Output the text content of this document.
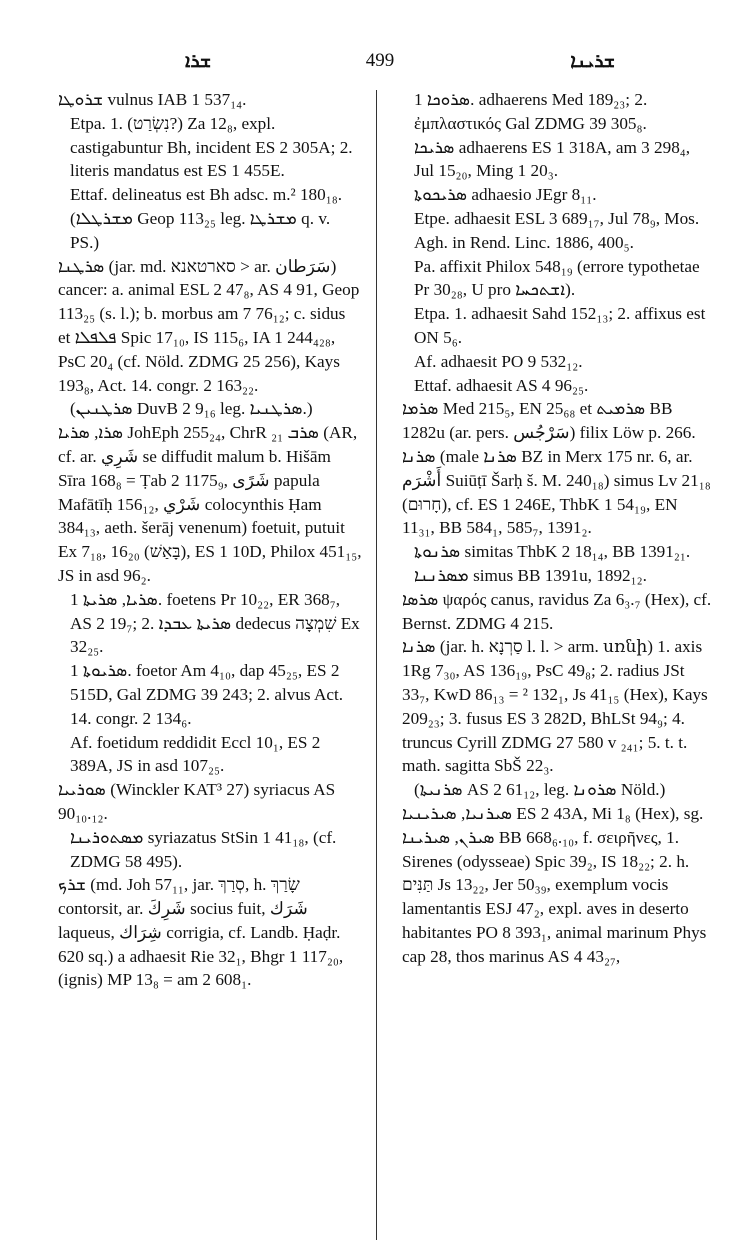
ܫܪܐ	499	ܫܪܝܢܐ

ܫܪܘܛܐ vulnus IAB 1 537₁₄.

Etpa. 1. (נִשְׂרַט?) Za 12₈, expl. castigabuntur Bh, incident ES 2 305A; 2. literis mandatus est ES 1 455E.

Ettaf. delineatus est Bh adsc. m.² 180₁₈.

(ܡܫܪܛܠܐ Geop 113₂₅ leg. ܡܫܪܛܐ q. v. PS.)

ܣܪܛܢܐ (jar. md. סארטאנא > ar. سَرَطان) cancer: a. animal ESL 2 47₈, AS 4 91, Geop 113₂₅ (s. l.); b. morbus am 7 76₁₂; c. sidus et ܦܠܦܠܐ Spic 17₁₀, IS 115₆, IA 1 244₄₂₈, PsC 20₄ (cf. Nöld. ZDMG 25 256), Kays 193₈, Act. 14. congr. 2 163₂₂.

(ܣܪܛܢܝܢ DuvB 2 9₁₆ leg. ܣܪܛܢܝܐ.)

ܣܪܐ, ܣܪܝܐ JohEph 255₂₄, ChrR ܣܪܒ ₂₁ (AR, cf. ar. شَرِي se diffudit malum b. Hišām Sīra 168₈ = Ṭab 2 1175₉, شَرًى papula Mafātīḥ 156₁₂, شَرْي colocynthis Ḥam 384₁₃, aeth. šerāj venenum) foetuit, putuit Ex 7₁₈, 16₂₀ (בָּאַשׁ), ES 1 10D, Philox 451₁₅, JS in asd 96₂.

ܣܪܝܐ, ܣܪܝܬܐ 1. foetens Pr 10₂₂, ER 368₇, AS 2 19₇; 2. ܣܪܝܬܐ ܥܒܕܐ dedecus שִׁמְצָה Ex 32₂₅.

ܣܪܝܘܬܐ 1. foetor Am 4₁₀, dap 45₂₅, ES 2 515D, Gal ZDMG 39 243; 2. alvus Act. 14. congr. 2 134₆.

Af. foetidum reddidit Eccl 10₁, ES 2 389A, JS in asd 107₂₅.

ܣܘܪܝܝܐ (Winckler KAT³ 27) syriacus AS 90₁₀.₁₂.

ܡܣܬܘܪܝܢܐ syriazatus StSin 1 41₁₈, (cf. ZDMG 58 495).

ܫܪܟ (md. Joh 57₁₁, jar. סְרַךְ, h. שָׂרַךְ contorsit, ar. شَرِكَ socius fuit, شَرَك laqueus, شِرَاك corrigia, cf. Landb. Ḥaḍr. 620 sq.) a adhaesit Rie 32₁, Bhgr 1 117₂₀, (ignis) MP 13₈ = am 2 608₁.

ܣܪܘܟܐ 1. adhaerens Med 189₂₃; 2. ἐμπλαστικός Gal ZDMG 39 305₈.

ܣܪܝܟܐ adhaerens ES 1 318A, am 3 298₄, Jul 15₂₀, Ming 1 20₃.

ܣܪܝܟܘܬܐ adhaesio JEgr 8₁₁.

Etpe. adhaesit ESL 3 689₁₇, Jul 78₉, Mos. Agh. in Rend. Linc. 1886, 400₅.

Pa. affixit Philox 548₁₉ (errore typothetae Pr 30₂₈, U pro ܐܫܬܟܚܐ).

Etpa. 1. adhaesit Sahd 152₁₃; 2. affixus est ON 5₆.

Af. adhaesit PO 9 532₁₂.

Ettaf. adhaesit AS 4 96₂₅.

ܣܪܡܐ Med 215₅, EN 25₆₈ et ܣܪܡܝܬ BB 1282u (ar. pers. سَرْجُس) filix Löw p. 266.

ܣܪܢܐ (male ܣܪܢܐ BZ in Merx 175 nr. 6, ar. أَشْرَم Suiūṭī Šarḥ š. M. 240₁₈) simus Lv 21₁₈ (חָרוּם), cf. ES 1 246E, ThbK 1 54₁₉, EN 11₃₁, BB 584₁, 585₇, 1391₂.

ܣܪܢܘܬܐ simitas ThbK 2 18₁₄, BB 1391₂₁.

ܡܣܪܢܢܐ simus BB 1391u, 1892₁₂.

ܣܪܣܐ ψαρός canus, ravidus Za 6₃.₇ (Hex), cf. Bernst. ZDMG 4 215.

ܣܪܢܐ (jar. h. סַרְנָא l. l. > arm. սռնի) 1. axis 1Rg 7₃₀, AS 136₁₉, PsC 49₈; 2. radius JSt 33₇, KwD 86₁₃ = ² 132₁, Js 41₁₅ (Hex), Kays 209₂₃; 3. fusus ES 3 282D, BhLSt 94₉; 4. truncus Cyrill ZDMG 27 580 v ₂₄₁; 5. t. t. math. sagitta SbŠ 22₃.

(ܣܪܢܝܬܐ AS 2 61₁₂, leg. ܣܪܘܢܐ Nöld.)

ܣܝܪܢܝܐ, ܣܝܪܝܢܝܐ ES 2 43A, Mi 1₈ (Hex), sg. ܣܝܪܢ, ܣܝܪܝܢܐ BB 668₆.₁₀, f. σειρῆνες, 1. Sirenes (odysseae) Spic 39₂, IS 18₂₂; 2. h. תַּנִּים Js 13₂₂, Jer 50₃₉, exemplum vocis lamentantis ESJ 47₂, expl. aves in deserto habitantes PO 8 393₁, animal marinum Phys cap 28, thos marinus AS 4 43₂₇,
